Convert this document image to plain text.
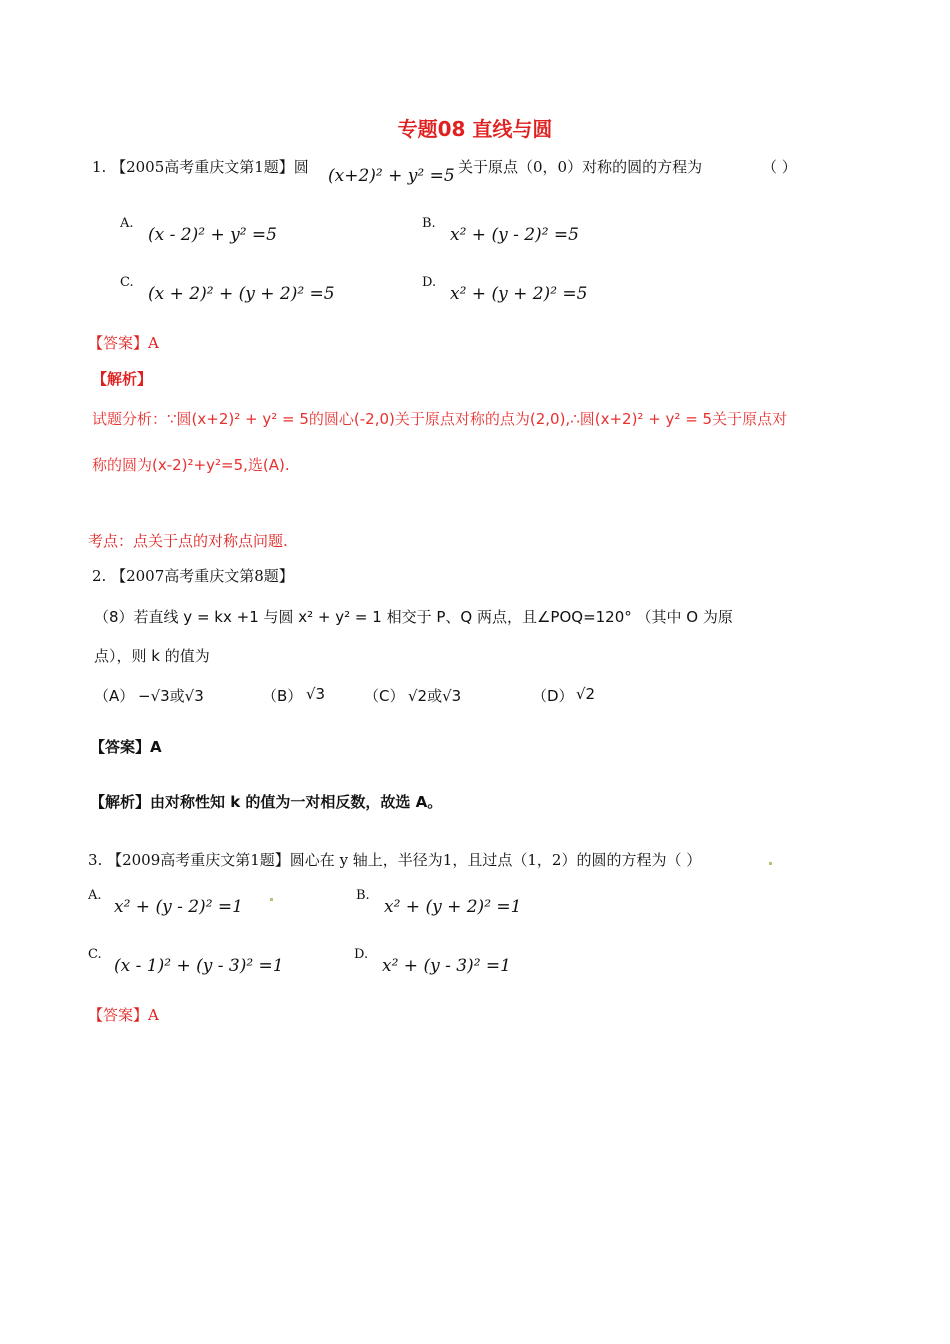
专题08 直线与圆
1. 【2005高考重庆文第1题】圆 (x+2)² + y² =5 关于原点（0，0）对称的圆的方程为	（ ）
A.
(x - 2)² + y² =5
B.
x² + (y - 2)² =5
C.
(x + 2)² + (y + 2)² =5
D.
x² + (y + 2)² =5
【答案】A
【解析】
试题分析：∵圆(x+2)² + y² = 5的圆心(-2,0)关于原点对称的点为(2,0),∴圆(x+2)² + y² = 5关于原点对
称的圆为(x-2)²+y²=5,选(A).
考点：点关于点的对称点问题.
2. 【2007高考重庆文第8题】
（8）若直线 y = kx +1 与圆 x² + y² = 1 相交于 P、Q 两点，且∠POQ=120° （其中 O 为原
点），则 k 的值为
（A） −√3或√3	（B） √3	（C） √2或√3	（D） √2
【答案】A
【解析】由对称性知 k 的值为一对相反数，故选 A。
3. 【2009高考重庆文第1题】圆心在 y 轴上，半径为1，且过点（1，2）的圆的方程为（ ）
A.
x² + (y - 2)² =1
B.
x² + (y + 2)² =1
C.
(x - 1)² + (y - 3)² =1
D.
x² + (y - 3)² =1
【答案】A
